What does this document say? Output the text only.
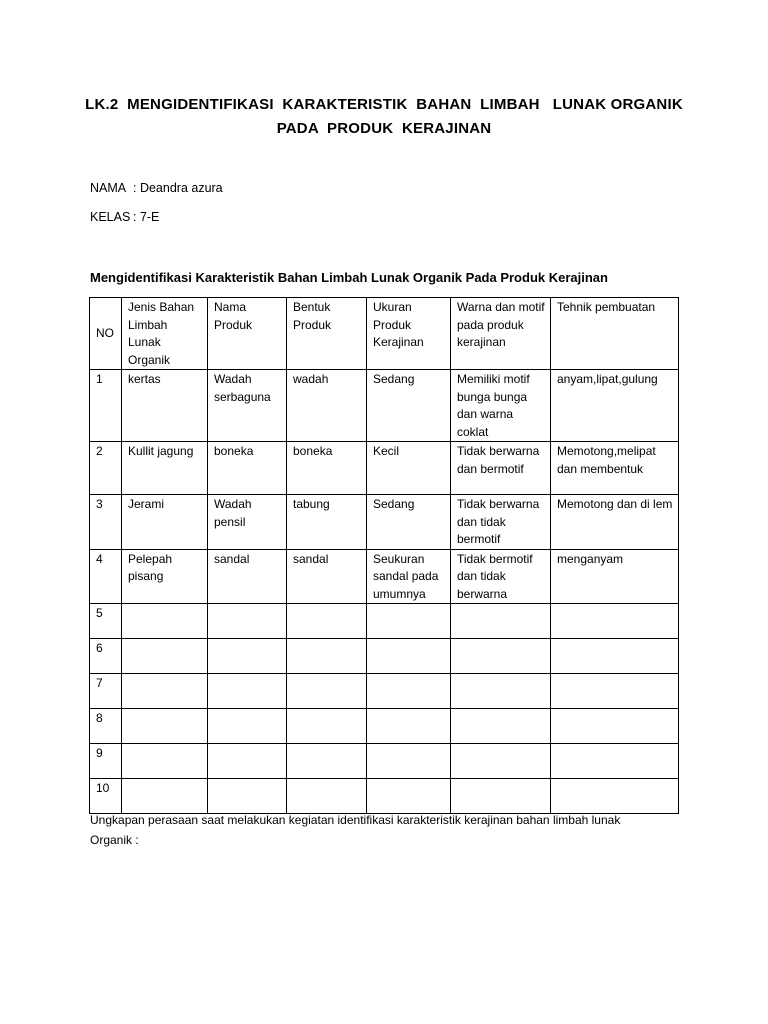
LK.2  MENGIDENTIFIKASI  KARAKTERISTIK  BAHAN  LIMBAH   LUNAK ORGANIK
PADA  PRODUK  KERAJINAN
NAMA : Deandra azura
KELAS : 7-E
Mengidentifikasi Karakteristik Bahan Limbah Lunak Organik Pada Produk Kerajinan
NO	Jenis Bahan Limbah Lunak Organik	Nama Produk	Bentuk Produk	Ukuran Produk Kerajinan	Warna dan motif pada produk kerajinan	Tehnik pembuatan
1	kertas	Wadah serbaguna	wadah	Sedang	Memiliki motif bunga bunga dan warna coklat	anyam,lipat,gulung
2	Kullit jagung	boneka	boneka	Kecil	Tidak berwarna dan bermotif	Memotong,melipat dan membentuk
3	Jerami	Wadah pensil	tabung	Sedang	Tidak berwarna dan tidak bermotif	Memotong dan di lem
4	Pelepah pisang	sandal	sandal	Seukuran sandal pada umumnya	Tidak bermotif dan tidak berwarna	menganyam
5						
6						
7						
8						
9						
10						
Ungkapan perasaan saat melakukan kegiatan identifikasi karakteristik kerajinan bahan limbah lunak
Organik :
